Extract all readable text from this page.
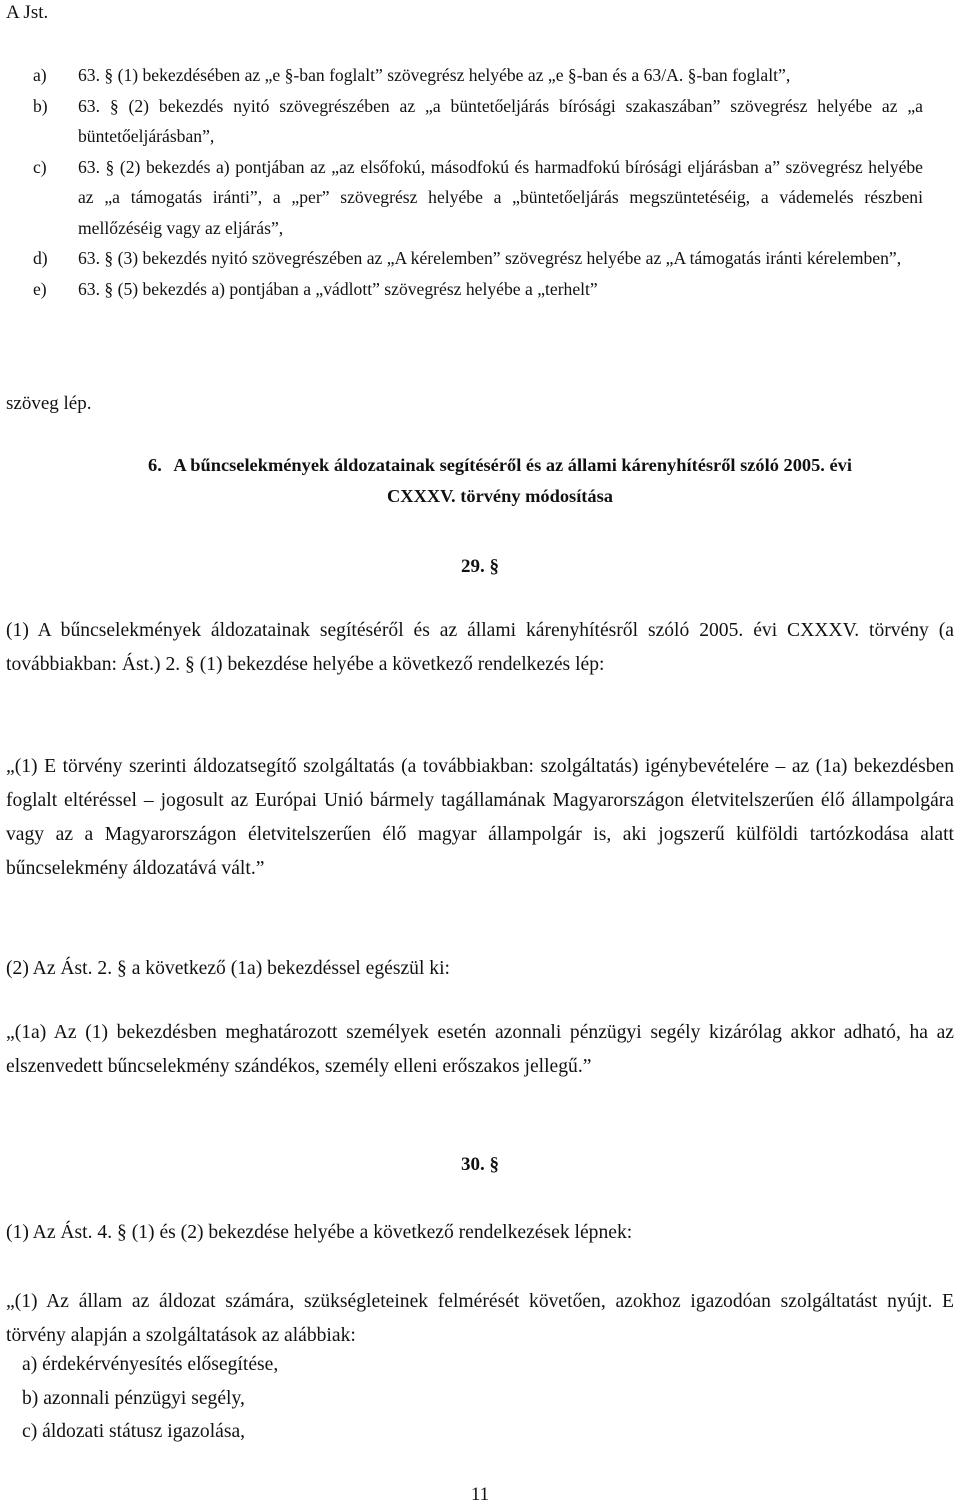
A Jst.
a)	63. § (1) bekezdésében az „e §-ban foglalt” szövegrész helyébe az „e §-ban és a 63/A. §-ban foglalt”,
b)	63. § (2) bekezdés nyitó szövegrészében az „a büntetőeljárás bírósági szakaszában” szövegrész helyébe az „a büntetőeljárásban”,
c)	63. § (2) bekezdés a) pontjában az „az elsőfokú, másodfokú és harmadfokú bírósági eljárásban a” szövegrész helyébe az „a támogatás iránti”, a „per” szövegrész helyébe a „büntetőeljárás megszüntetéséig, a vádemelés részbeni mellőzéséig vagy az eljárás”,
d)	63. § (3) bekezdés nyitó szövegrészében az „A kérelemben” szövegrész helyébe az „A támogatás iránti kérelemben”,
e)	63. § (5) bekezdés a) pontjában a „vádlott” szövegrész helyébe a „terhelt”
szöveg lép.
6. A bűncselekmények áldozatainak segítéséről és az állami kárenyhítésről szóló 2005. évi
CXXXV. törvény módosítása
29. §
(1) A bűncselekmények áldozatainak segítéséről és az állami kárenyhítésről szóló 2005. évi CXXXV. törvény (a továbbiakban: Ást.) 2. § (1) bekezdése helyébe a következő rendelkezés lép:
„(1) E törvény szerinti áldozatsegítő szolgáltatás (a továbbiakban: szolgáltatás) igénybevételére – az (1a) bekezdésben foglalt eltéréssel – jogosult az Európai Unió bármely tagállamának Magyarországon életvitelszerűen élő állampolgára vagy az a Magyarországon életvitelszerűen élő magyar állampolgár is, aki jogszerű külföldi tartózkodása alatt bűncselekmény áldozatává vált.”
(2) Az Ást. 2. § a következő (1a) bekezdéssel egészül ki:
„(1a) Az (1) bekezdésben meghatározott személyek esetén azonnali pénzügyi segély kizárólag akkor adható, ha az elszenvedett bűncselekmény szándékos, személy elleni erőszakos jellegű.”
30. §
(1) Az Ást. 4. § (1) és (2) bekezdése helyébe a következő rendelkezések lépnek:
„(1) Az állam az áldozat számára, szükségleteinek felmérését követően, azokhoz igazodóan szolgáltatást nyújt. E törvény alapján a szolgáltatások az alábbiak:
a) érdekérvényesítés elősegítése,
b) azonnali pénzügyi segély,
c) áldozati státusz igazolása,
11
